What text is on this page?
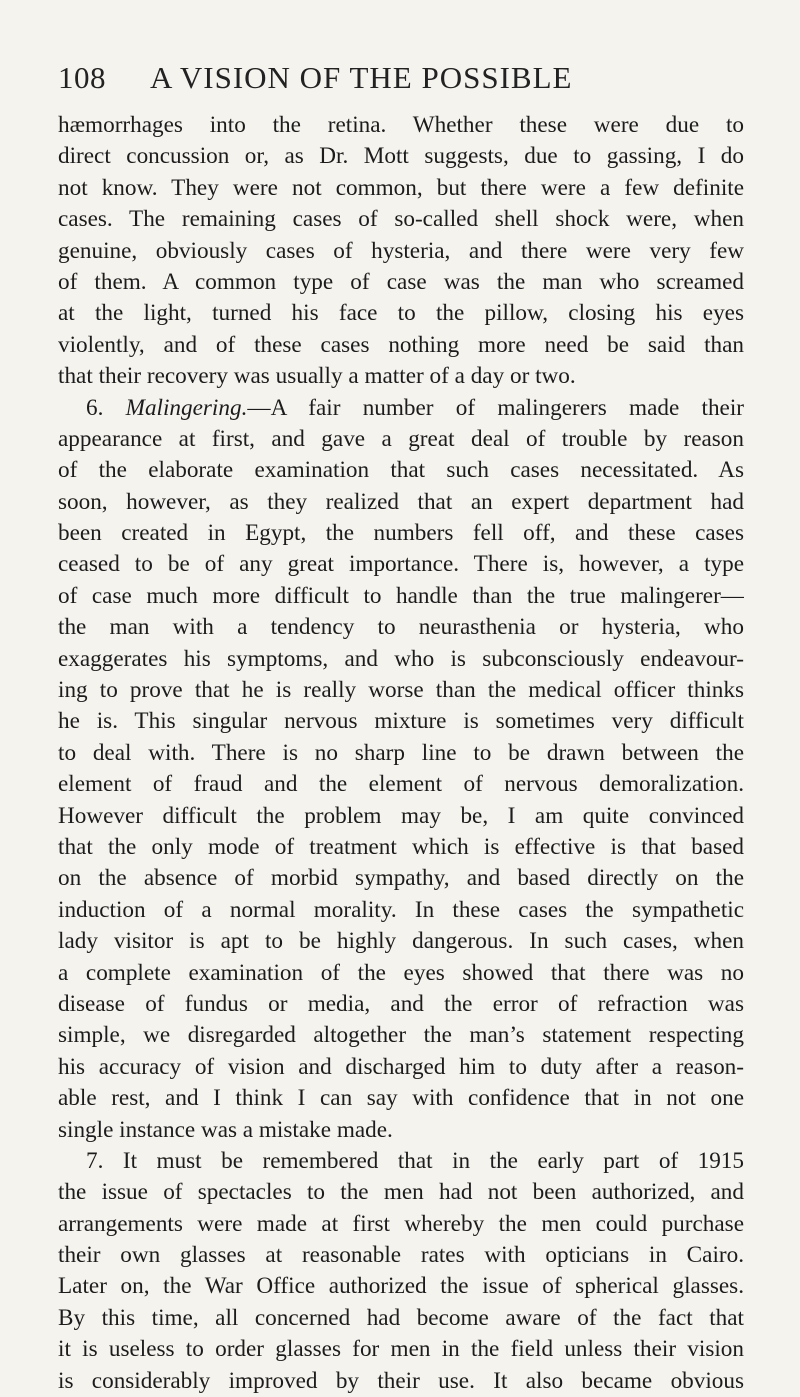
108	A VISION OF THE POSSIBLE
hæmorrhages into the retina. Whether these were due to
direct concussion or, as Dr. Mott suggests, due to gassing, I do
not know. They were not common, but there were a few definite
cases. The remaining cases of so-called shell shock were, when
genuine, obviously cases of hysteria, and there were very few
of them. A common type of case was the man who screamed
at the light, turned his face to the pillow, closing his eyes
violently, and of these cases nothing more need be said than
that their recovery was usually a matter of a day or two.
6. Malingering.—A fair number of malingerers made their
appearance at first, and gave a great deal of trouble by reason
of the elaborate examination that such cases necessitated. As
soon, however, as they realized that an expert department had
been created in Egypt, the numbers fell off, and these cases
ceased to be of any great importance. There is, however, a type
of case much more difficult to handle than the true malingerer—
the man with a tendency to neurasthenia or hysteria, who
exaggerates his symptoms, and who is subconsciously endeavour-
ing to prove that he is really worse than the medical officer thinks
he is. This singular nervous mixture is sometimes very difficult
to deal with. There is no sharp line to be drawn between the
element of fraud and the element of nervous demoralization.
However difficult the problem may be, I am quite convinced
that the only mode of treatment which is effective is that based
on the absence of morbid sympathy, and based directly on the
induction of a normal morality. In these cases the sympathetic
lady visitor is apt to be highly dangerous. In such cases, when
a complete examination of the eyes showed that there was no
disease of fundus or media, and the error of refraction was
simple, we disregarded altogether the man’s statement respecting
his accuracy of vision and discharged him to duty after a reason-
able rest, and I think I can say with confidence that in not one
single instance was a mistake made.
7. It must be remembered that in the early part of 1915
the issue of spectacles to the men had not been authorized, and
arrangements were made at first whereby the men could purchase
their own glasses at reasonable rates with opticians in Cairo.
Later on, the War Office authorized the issue of spherical glasses.
By this time, all concerned had become aware of the fact that
it is useless to order glasses for men in the field unless their vision
is considerably improved by their use. It also became obvious
